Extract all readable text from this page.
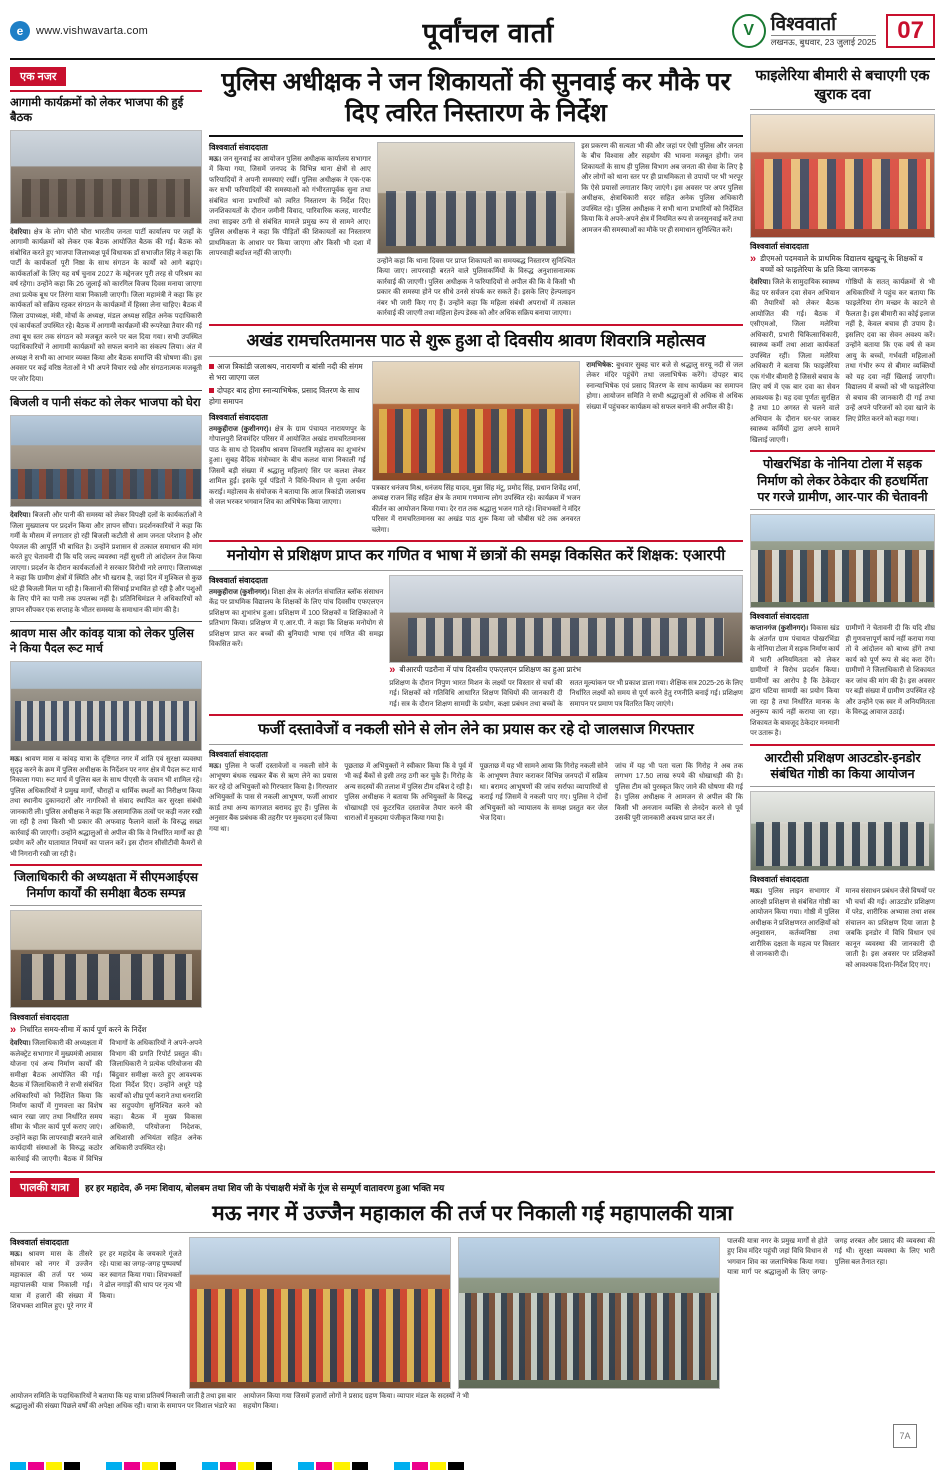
e	www.vishwavarta.com	पूर्वांचल वार्ता	V विश्ववार्ता
लखनऊ, बुधवार, 23 जुलाई 2025 07
एक नजर
आगामी कार्यक्रमों को लेकर भाजपा की हुई बैठक
देवरिया। क्षेत्र के लोग चौरी चौरा भारतीय जनता पार्टी कार्यालय पर जहाँ के आगामी कार्यक्रमों को लेकर एक बैठक आयोजित बैठक की गई। बैठक को संबोधित करते हुए भाजपा जिलाध्यक्ष पूर्व विधायक डॉ सभाजीत सिंह ने कहा कि पार्टी के कार्यकर्ता पूरी निष्ठा के साथ संगठन के कार्यों को आगे बढ़ाएं। कार्यकर्ताओं के लिए यह वर्ष चुनाव 2027 के मद्देनजर पूरी तरह से परिश्रम का वर्ष रहेगा। उन्होंने कहा कि 26 जुलाई को कारगिल विजय दिवस मनाया जाएगा तथा प्रत्येक बूथ पर तिरंगा यात्रा निकाली जाएगी। जिला महामंत्री ने कहा कि हर कार्यकर्ता को सक्रिय रहकर संगठन के कार्यक्रमों में हिस्सा लेना चाहिए। बैठक में जिला उपाध्यक्ष, मंत्री, मोर्चा के अध्यक्ष, मंडल अध्यक्ष सहित अनेक पदाधिकारी एवं कार्यकर्ता उपस्थित रहे। बैठक में आगामी कार्यक्रमों की रूपरेखा तैयार की गई तथा बूथ स्तर तक संगठन को मजबूत करने पर बल दिया गया। सभी उपस्थित पदाधिकारियों ने आगामी कार्यक्रमों को सफल बनाने का संकल्प लिया। अंत में अध्यक्ष ने सभी का आभार व्यक्त किया और बैठक समाप्ति की घोषणा की। इस अवसर पर कई वरिष्ठ नेताओं ने भी अपने विचार रखे और संगठनात्मक मजबूती पर जोर दिया।
बिजली व पानी संकट को लेकर भाजपा को घेरा
देवरिया। बिजली और पानी की समस्या को लेकर विपक्षी दलों के कार्यकर्ताओं ने जिला मुख्यालय पर प्रदर्शन किया और ज्ञापन सौंपा। प्रदर्शनकारियों ने कहा कि गर्मी के मौसम में लगातार हो रही बिजली कटौती से आम जनता परेशान है और पेयजल की आपूर्ति भी बाधित है। उन्होंने प्रशासन से तत्काल समाधान की मांग करते हुए चेतावनी दी कि यदि जल्द व्यवस्था नहीं सुधरी तो आंदोलन तेज किया जाएगा। प्रदर्शन के दौरान कार्यकर्ताओं ने सरकार विरोधी नारे लगाए। जिलाध्यक्ष ने कहा कि ग्रामीण क्षेत्रों में स्थिति और भी खराब है, जहां दिन में मुश्किल से कुछ घंटे ही बिजली मिल पा रही है। किसानों की सिंचाई प्रभावित हो रही है और पशुओं के लिए पीने का पानी तक उपलब्ध नहीं है। प्रतिनिधिमंडल ने अधिकारियों को ज्ञापन सौंपकर एक सप्ताह के भीतर समस्या के समाधान की मांग की है।
श्रावण मास और कांवड़ यात्रा को लेकर पुलिस ने किया पैदल रूट मार्च
मऊ। श्रावण मास व कांवड़ यात्रा के दृष्टिगत नगर में शांति एवं सुरक्षा व्यवस्था सुदृढ़ करने के क्रम में पुलिस अधीक्षक के निर्देशन पर नगर क्षेत्र में पैदल रूट मार्च निकाला गया। रूट मार्च में पुलिस बल के साथ पीएसी के जवान भी शामिल रहे। पुलिस अधिकारियों ने प्रमुख मार्गों, चौराहों व धार्मिक स्थलों का निरीक्षण किया तथा स्थानीय दुकानदारों और नागरिकों से संवाद स्थापित कर सुरक्षा संबंधी जानकारी ली। पुलिस अधीक्षक ने कहा कि असामाजिक तत्वों पर कड़ी नजर रखी जा रही है तथा किसी भी प्रकार की अफवाह फैलाने वालों के विरुद्ध सख्त कार्रवाई की जाएगी। उन्होंने श्रद्धालुओं से अपील की कि वे निर्धारित मार्गों का ही प्रयोग करें और यातायात नियमों का पालन करें। इस दौरान सीसीटीवी कैमरों से भी निगरानी रखी जा रही है।
जिलाधिकारी की अध्यक्षता में सीएमआईएस निर्माण कार्यों की समीक्षा बैठक सम्पन्न
विश्ववार्ता संवाददाता
» निर्धारित समय-सीमा में कार्य पूर्ण करने के निर्देश
देवरिया। जिलाधिकारी की अध्यक्षता में कलेक्ट्रेट सभागार में मुख्यमंत्री आवास योजना एवं अन्य निर्माण कार्यों की समीक्षा बैठक आयोजित की गई। बैठक में जिलाधिकारी ने सभी संबंधित अधिकारियों को निर्देशित किया कि निर्माण कार्यों में गुणवत्ता का विशेष ध्यान रखा जाए तथा निर्धारित समय सीमा के भीतर कार्य पूर्ण कराए जाएं। उन्होंने कहा कि लापरवाही बरतने वाले कार्यदायी संस्थाओं के विरुद्ध कठोर कार्रवाई की जाएगी। बैठक में विभिन्न विभागों के अधिकारियों ने अपने-अपने विभाग की प्रगति रिपोर्ट प्रस्तुत की। जिलाधिकारी ने प्रत्येक परियोजना की बिंदुवार समीक्षा करते हुए आवश्यक दिशा निर्देश दिए। उन्होंने अधूरे पड़े कार्यों को शीघ्र पूर्ण कराने तथा धनराशि का सदुपयोग सुनिश्चित करने को कहा। बैठक में मुख्य विकास अधिकारी, परियोजना निदेशक, अधिशासी अभियंता सहित अनेक अधिकारी उपस्थित रहे।
पुलिस अधीक्षक ने जन शिकायतों की सुनवाई कर मौके पर दिए त्वरित निस्तारण के निर्देश
विश्ववार्ता संवाददाता
मऊ। जन सुनवाई का आयोजन पुलिस अधीक्षक कार्यालय सभागार में किया गया, जिसमें जनपद के विभिन्न थाना क्षेत्रों से आए फरियादियों ने अपनी समस्याएं रखीं। पुलिस अधीक्षक ने एक-एक कर सभी फरियादियों की समस्याओं को गंभीरतापूर्वक सुना तथा संबंधित थाना प्रभारियों को त्वरित निस्तारण के निर्देश दिए। जनशिकायतों के दौरान जमीनी विवाद, पारिवारिक कलह, मारपीट तथा साइबर ठगी से संबंधित मामले प्रमुख रूप से सामने आए। पुलिस अधीक्षक ने कहा कि पीड़ितों की शिकायतों का निस्तारण प्राथमिकता के आधार पर किया जाएगा और किसी भी दशा में लापरवाही बर्दाश्त नहीं की जाएगी।
उन्होंने कहा कि थाना दिवस पर प्राप्त शिकायतों का समयबद्ध निस्तारण सुनिश्चित किया जाए। लापरवाही बरतने वाले पुलिसकर्मियों के विरुद्ध अनुशासनात्मक कार्रवाई की जाएगी। पुलिस अधीक्षक ने फरियादियों से अपील की कि वे किसी भी प्रकार की समस्या होने पर सीधे उनसे संपर्क कर सकते हैं। इसके लिए हेल्पलाइन नंबर भी जारी किए गए हैं। उन्होंने कहा कि महिला संबंधी अपराधों में तत्काल कार्रवाई की जाएगी तथा महिला हेल्प डेस्क को और अधिक सक्रिय बनाया जाएगा।
इस प्रकरण की सत्यता भी की और जहां पर ऐसी पुलिस और जनता के बीच विश्वास और सहयोग की भावना मजबूत होगी। जन शिकायतों के साथ ही पुलिस विभाग अब जनता की सेवा के लिए है और लोगों को थाना स्तर पर ही प्राथमिकता से उपायों पर भी भरपूर कि ऐसे प्रयासों लगातार किए जाएंगे। इस अवसर पर अपर पुलिस अधीक्षक, क्षेत्राधिकारी सदर सहित अनेक पुलिस अधिकारी उपस्थित रहे। पुलिस अधीक्षक ने सभी थाना प्रभारियों को निर्देशित किया कि वे अपने-अपने क्षेत्र में नियमित रूप से जनसुनवाई करें तथा आमजन की समस्याओं का मौके पर ही समाधान सुनिश्चित करें।
अखंड रामचरितमानस पाठ से शुरू हुआ दो दिवसीय श्रावण शिवरात्रि महोत्सव
आज त्रिकांडी जलाश्रय, नारायणी व बांसी नदी की संगम से भरा जाएगा जल
दोपहर बाद होगा स्नान्याभिषेक, प्रसाद वितरण के साथ होगा समापन
विश्ववार्ता संवाददाता
तमकुहीराज (कुशीनगर)। क्षेत्र के ग्राम पंचायत नारायणपुर के गोपालपुरी शिवमंदिर परिसर में आयोजित अखंड रामचरितमानस पाठ के साथ दो दिवसीय श्रावण शिवरात्रि महोत्सव का शुभारंभ हुआ। सुबह वैदिक मंत्रोच्चार के बीच कलश यात्रा निकाली गई जिसमें बड़ी संख्या में श्रद्धालु महिलाएं सिर पर कलश लेकर शामिल हुईं। इसके पूर्व पंडितों ने विधि-विधान से पूजा अर्चना कराई। महोत्सव के संयोजक ने बताया कि आज त्रिकांडी जलाश्रय से जल भरकर भगवान शिव का अभिषेक किया जाएगा।
पत्रकार धनंजय मिश्र, धनंजय सिंह यादव, मुन्ना सिंह मंटू, प्रमोद सिंह, प्रधान शिवेंद्र शर्मा, अध्यक्ष राजन सिंह सहित क्षेत्र के तमाम गणमान्य लोग उपस्थित रहे। कार्यक्रम में भजन कीर्तन का आयोजन किया गया। देर रात तक श्रद्धालु भजन गाते रहे। शिवभक्तों ने मंदिर परिसर में रामचरितमानस का अखंड पाठ शुरू किया जो चौबीस घंटे तक अनवरत चलेगा।
रामभिषेक: बुधवार सुबह चार बजे से श्रद्धालु सरयू नदी से जल लेकर मंदिर पहुंचेंगे तथा जलाभिषेक करेंगे। दोपहर बाद स्नान्याभिषेक एवं प्रसाद वितरण के साथ कार्यक्रम का समापन होगा। आयोजन समिति ने सभी श्रद्धालुओं से अधिक से अधिक संख्या में पहुंचकर कार्यक्रम को सफल बनाने की अपील की है।
मनोयोग से प्रशिक्षण प्राप्त कर गणित व भाषा में छात्रों की समझ विकसित करें शिक्षक: एआरपी
विश्ववार्ता संवाददाता
तमकुहीराज (कुशीनगर)। शिक्षा क्षेत्र के अंतर्गत संचालित ब्लॉक संसाधन केंद्र पर प्राथमिक विद्यालय के शिक्षकों के लिए पांच दिवसीय एफएलएन प्रशिक्षण का शुभारंभ हुआ। प्रशिक्षण में 100 शिक्षकों व शिक्षिकाओं ने प्रतिभाग किया। प्रशिक्षण में ए.आर.पी. ने कहा कि शिक्षक मनोयोग से प्रशिक्षण प्राप्त कर बच्चों की बुनियादी भाषा एवं गणित की समझ विकसित करें।
» बीआरपी पडरौना में पांच दिवसीय एफएलएन प्रशिक्षण का हुआ प्रारंभ
प्रशिक्षण के दौरान निपुण भारत मिशन के लक्ष्यों पर विस्तार से चर्चा की गई। शिक्षकों को गतिविधि आधारित शिक्षण विधियों की जानकारी दी गई। सत्र के दौरान शिक्षण सामग्री के प्रयोग, कक्षा प्रबंधन तथा बच्चों के सतत मूल्यांकन पर भी प्रकाश डाला गया। शैक्षिक सत्र 2025-26 के लिए निर्धारित लक्ष्यों को समय से पूर्ण करने हेतु रणनीति बनाई गई। प्रशिक्षण समापन पर प्रमाण पत्र वितरित किए जाएंगे।
फर्जी दस्तावेजों व नकली सोने से लोन लेने का प्रयास कर रहे दो जालसाज गिरफ्तार
विश्ववार्ता संवाददाता
मऊ। पुलिस ने फर्जी दस्तावेजों व नकली सोने के आभूषण बंधक रखकर बैंक से ऋण लेने का प्रयास कर रहे दो अभियुक्तों को गिरफ्तार किया है। गिरफ्तार अभियुक्तों के पास से नकली आभूषण, फर्जी आधार कार्ड तथा अन्य कागजात बरामद हुए हैं। पुलिस के अनुसार बैंक प्रबंधक की तहरीर पर मुकदमा दर्ज किया गया था।
पूछताछ में अभियुक्तों ने स्वीकार किया कि वे पूर्व में भी कई बैंकों से इसी तरह ठगी कर चुके हैं। गिरोह के अन्य सदस्यों की तलाश में पुलिस टीम दबिश दे रही है। पुलिस अधीक्षक ने बताया कि अभियुक्तों के विरुद्ध धोखाधड़ी एवं कूटरचित दस्तावेज तैयार करने की धाराओं में मुकदमा पंजीकृत किया गया है।
पूछताछ में यह भी सामने आया कि गिरोह नकली सोने के आभूषण तैयार कराकर विभिन्न जनपदों में सक्रिय था। बरामद आभूषणों की जांच सर्राफा व्यापारियों से कराई गई जिसमें वे नकली पाए गए। पुलिस ने दोनों अभियुक्तों को न्यायालय के समक्ष प्रस्तुत कर जेल भेज दिया।
जांच में यह भी पता चला कि गिरोह ने अब तक लगभग 17.50 लाख रुपये की धोखाधड़ी की है। पुलिस टीम को पुरस्कृत किए जाने की घोषणा की गई है। पुलिस अधीक्षक ने आमजन से अपील की कि किसी भी अनजान व्यक्ति से लेनदेन करने से पूर्व उसकी पूरी जानकारी अवश्य प्राप्त कर लें।
फाइलेरिया बीमारी से बचाएगी एक खुराक दवा
विश्ववार्ता संवाददाता
» डीएमओ पदमवाले के प्राथमिक विद्यालय खुखुन्दू के शिक्षकों व बच्चों को फाइलेरिया के प्रति किया जागरूक
देवरिया। जिले के सामुदायिक स्वास्थ्य केंद्र पर सर्वजन दवा सेवन अभियान की तैयारियों को लेकर बैठक आयोजित की गई। बैठक में एसीएमओ, जिला मलेरिया अधिकारी, प्रभारी चिकित्साधिकारी, स्वास्थ्य कर्मी तथा आशा कार्यकर्ता उपस्थित रहीं। जिला मलेरिया अधिकारी ने बताया कि फाइलेरिया एक गंभीर बीमारी है जिससे बचाव के लिए वर्ष में एक बार दवा का सेवन आवश्यक है। यह दवा पूर्णतः सुरक्षित है तथा 10 अगस्त से चलने वाले अभियान के दौरान घर-घर जाकर स्वास्थ्य कर्मियों द्वारा अपने सामने खिलाई जाएगी।
गोष्ठियों के सतत् कार्यक्रमों से भी अधिकारियों ने पहुंच कर बताया कि फाइलेरिया रोग मच्छर के काटने से फैलता है। इस बीमारी का कोई इलाज नहीं है, केवल बचाव ही उपाय है। इसलिए दवा का सेवन अवश्य करें। उन्होंने बताया कि एक वर्ष से कम आयु के बच्चों, गर्भवती महिलाओं तथा गंभीर रूप से बीमार व्यक्तियों को यह दवा नहीं खिलाई जाएगी। विद्यालय में बच्चों को भी फाइलेरिया से बचाव की जानकारी दी गई तथा उन्हें अपने परिजनों को दवा खाने के लिए प्रेरित करने को कहा गया।
पोखरभिंडा के नोनिया टोला में सड़क निर्माण को लेकर ठेकेदार की हठधर्मिता पर गरजे ग्रामीण, आर-पार की चेतावनी
विश्ववार्ता संवाददाता
कप्तानगंज (कुशीनगर)। विकास खंड के अंतर्गत ग्राम पंचायत पोखरभिंडा के नोनिया टोला में सड़क निर्माण कार्य में भारी अनियमितता को लेकर ग्रामीणों ने विरोध प्रदर्शन किया। ग्रामीणों का आरोप है कि ठेकेदार द्वारा घटिया सामग्री का प्रयोग किया जा रहा है तथा निर्धारित मानक के अनुरूप कार्य नहीं कराया जा रहा। शिकायत के बावजूद ठेकेदार मनमानी पर उतारू है।
ग्रामीणों ने चेतावनी दी कि यदि शीघ्र ही गुणवत्तापूर्ण कार्य नहीं कराया गया तो वे आंदोलन को बाध्य होंगे तथा कार्य को पूर्ण रूप से बंद करा देंगे। ग्रामीणों ने जिलाधिकारी से शिकायत कर जांच की मांग की है। इस अवसर पर बड़ी संख्या में ग्रामीण उपस्थित रहे और उन्होंने एक स्वर में अनियमितता के विरुद्ध आवाज उठाई।
आरटीसी प्रशिक्षण आउटडोर-इनडोर संबंधित गोष्ठी का किया आयोजन
विश्ववार्ता संवाददाता
मऊ। पुलिस लाइन सभागार में आरक्षी प्रशिक्षण से संबंधित गोष्ठी का आयोजन किया गया। गोष्ठी में पुलिस अधीक्षक ने प्रशिक्षणरत आरक्षियों को अनुशासन, कर्तव्यनिष्ठा तथा शारीरिक दक्षता के महत्व पर विस्तार से जानकारी दी।
मानव संसाधन प्रबंधन जैसे विषयों पर भी चर्चा की गई। आउटडोर प्रशिक्षण में परेड, शारीरिक अभ्यास तथा शस्त्र संचालन का प्रशिक्षण दिया जाता है जबकि इनडोर में विधि विधान एवं कानून व्यवस्था की जानकारी दी जाती है। इस अवसर पर प्रशिक्षकों को आवश्यक दिशा-निर्देश दिए गए।
पालकी यात्रा	हर हर महादेव, ॐ नमः शिवाय, बोलबम तथा शिव जी के पंचाक्षरी मंत्रों के गूंज से सम्पूर्ण वातावरण हुआ भक्ति मय
मऊ नगर में उज्जैन महाकाल की तर्ज पर निकाली गई महापालकी यात्रा
विश्ववार्ता संवाददाता
मऊ। श्रावण मास के तीसरे सोमवार को नगर में उज्जैन महाकाल की तर्ज पर भव्य महापालकी यात्रा निकाली गई। यात्रा में हजारों की संख्या में शिवभक्त शामिल हुए। पूरे नगर में हर हर महादेव के जयकारे गूंजते रहे। यात्रा का जगह-जगह पुष्पवर्षा कर स्वागत किया गया। शिवभक्तों ने ढोल नगाड़ों की थाप पर नृत्य भी किया।
पालकी यात्रा नगर के प्रमुख मार्गों से होते हुए शिव मंदिर पहुंची जहां विधि विधान से भगवान शिव का जलाभिषेक किया गया। यात्रा मार्ग पर श्रद्धालुओं के लिए जगह-जगह शरबत और प्रसाद की व्यवस्था की गई थी। सुरक्षा व्यवस्था के लिए भारी पुलिस बल तैनात रहा।
आयोजन समिति के पदाधिकारियों ने बताया कि यह यात्रा प्रतिवर्ष निकाली जाती है तथा इस बार श्रद्धालुओं की संख्या पिछले वर्षों की अपेक्षा अधिक रही। यात्रा के समापन पर विशाल भंडारे का आयोजन किया गया जिसमें हजारों लोगों ने प्रसाद ग्रहण किया। व्यापार मंडल के सदस्यों ने भी सहयोग किया।
7A
